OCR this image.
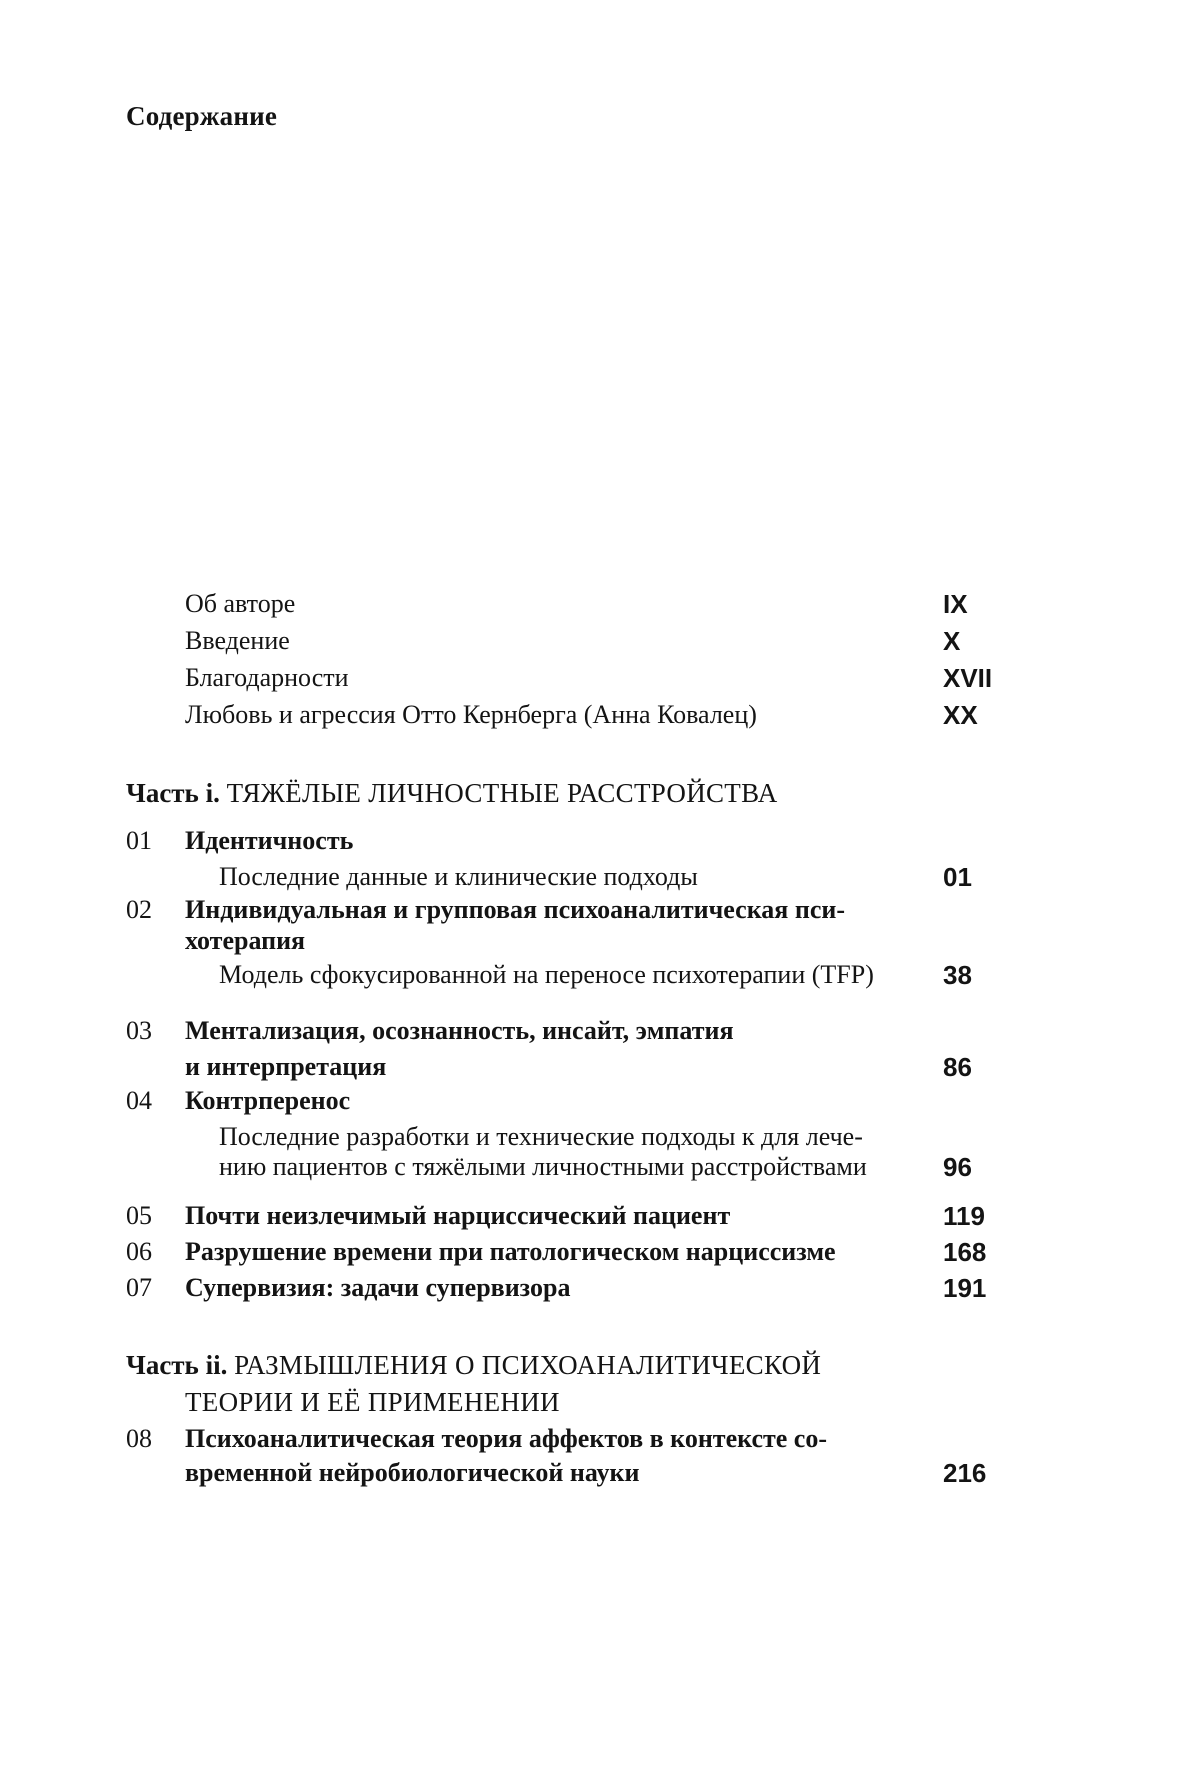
Содержание
Об авторе	IX
Введение	X
Благодарности	XVII
Любовь и агрессия Отто Кернберга (Анна Ковалец)	XX
Часть i. ТЯЖЁЛЫЕ ЛИЧНОСТНЫЕ РАССТРОЙСТВА
01 Идентичность
Последние данные и клинические подходы	01
02 Индивидуальная и групповая психоаналитическая пси-
хотерапия
Модель сфокусированной на переносе психотерапии (TFP)	38
03 Ментализация, осознанность, инсайт, эмпатия
и интерпретация	86
04 Контрперенос
Последние разработки и технические подходы к для лече-
нию пациентов с тяжёлыми личностными расстройствами	96
05 Почти неизлечимый нарциссический пациент	119
06 Разрушение времени при патологическом нарциссизме	168
07 Супервизия: задачи супервизора	191
Часть ii. РАЗМЫШЛЕНИЯ О ПСИХОАНАЛИТИЧЕСКОЙ
ТЕОРИИ И ЕЁ ПРИМЕНЕНИИ
08 Психоаналитическая теория аффектов в контексте со-
временной нейробиологической науки	216
